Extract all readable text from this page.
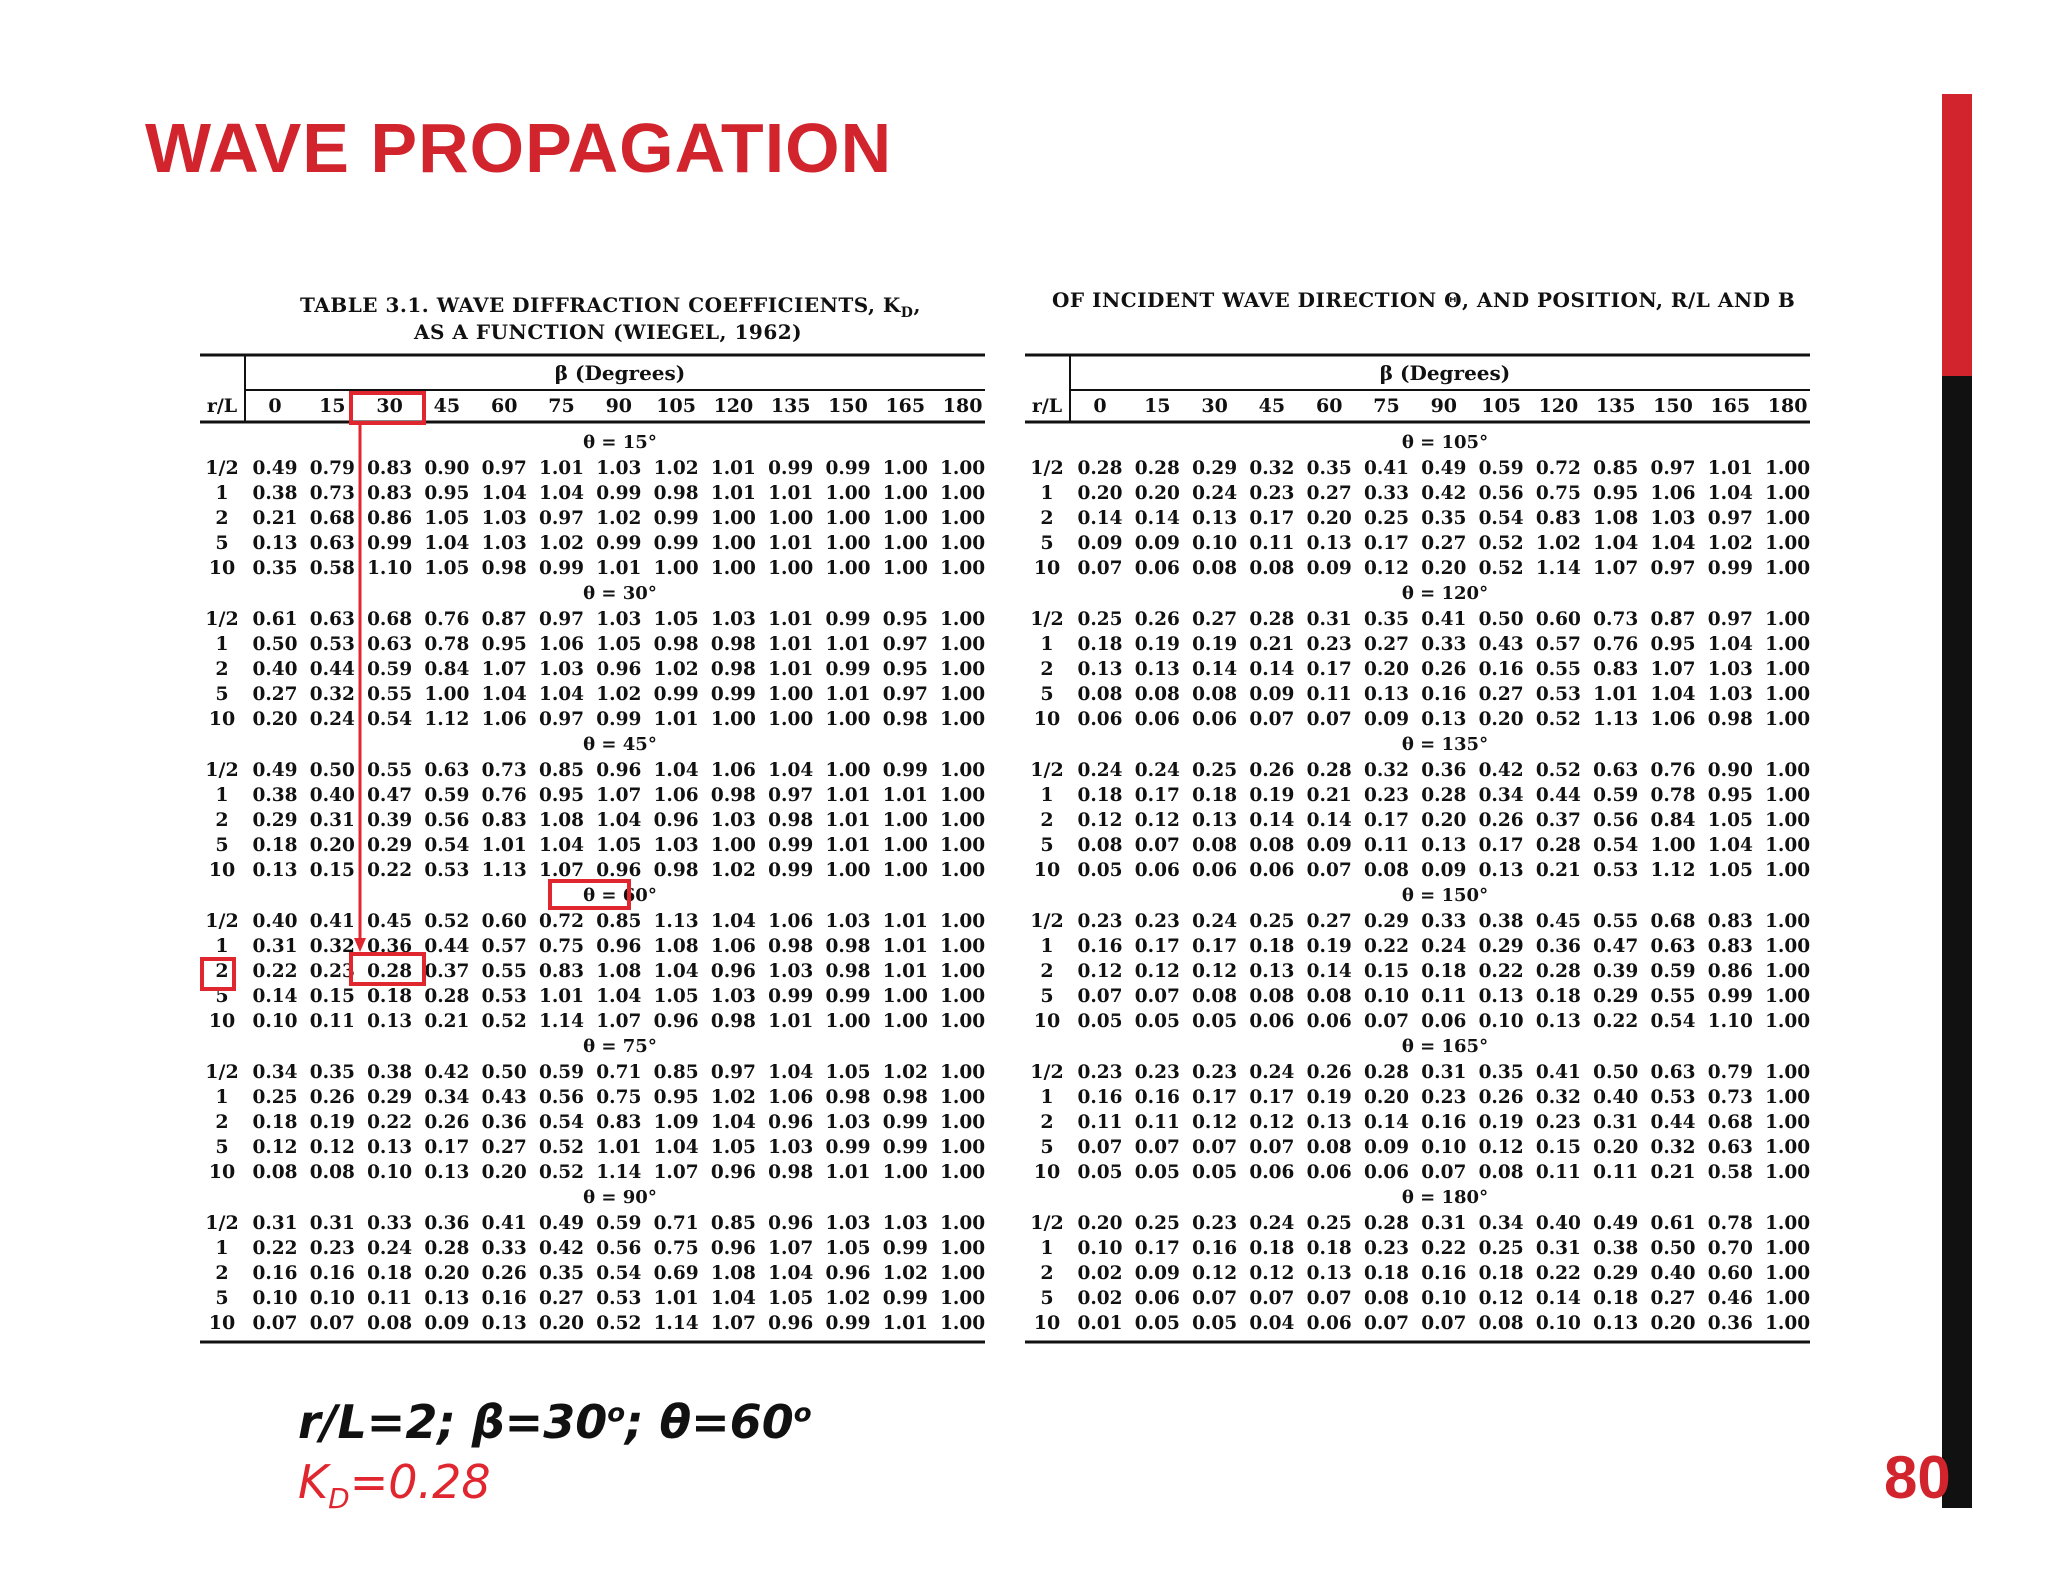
WAVE PROPAGATION
TABLE 3.1. WAVE DIFFRACTION COEFFICIENTS, $K_D$,
AS A FUNCTION (WIEGEL, 1962)
OF INCIDENT WAVE DIRECTION Θ, AND POSITION, R/L AND Β
β (Degrees)
r/L 0 15 30 45 60 75 90 105 120 135 150 165 180
θ = 15°
1/2 0.49 0.79 0.83 0.90 0.97 1.01 1.03 1.02 1.01 0.99 0.99 1.00 1.00
1 0.38 0.73 0.83 0.95 1.04 1.04 0.99 0.98 1.01 1.01 1.00 1.00 1.00
2 0.21 0.68 0.86 1.05 1.03 0.97 1.02 0.99 1.00 1.00 1.00 1.00 1.00
5 0.13 0.63 0.99 1.04 1.03 1.02 0.99 0.99 1.00 1.01 1.00 1.00 1.00
10 0.35 0.58 1.10 1.05 0.98 0.99 1.01 1.00 1.00 1.00 1.00 1.00 1.00
θ = 30°
1/2 0.61 0.63 0.68 0.76 0.87 0.97 1.03 1.05 1.03 1.01 0.99 0.95 1.00
1 0.50 0.53 0.63 0.78 0.95 1.06 1.05 0.98 0.98 1.01 1.01 0.97 1.00
2 0.40 0.44 0.59 0.84 1.07 1.03 0.96 1.02 0.98 1.01 0.99 0.95 1.00
5 0.27 0.32 0.55 1.00 1.04 1.04 1.02 0.99 0.99 1.00 1.01 0.97 1.00
10 0.20 0.24 0.54 1.12 1.06 0.97 0.99 1.01 1.00 1.00 1.00 0.98 1.00
θ = 45°
1/2 0.49 0.50 0.55 0.63 0.73 0.85 0.96 1.04 1.06 1.04 1.00 0.99 1.00
1 0.38 0.40 0.47 0.59 0.76 0.95 1.07 1.06 0.98 0.97 1.01 1.01 1.00
2 0.29 0.31 0.39 0.56 0.83 1.08 1.04 0.96 1.03 0.98 1.01 1.00 1.00
5 0.18 0.20 0.29 0.54 1.01 1.04 1.05 1.03 1.00 0.99 1.01 1.00 1.00
10 0.13 0.15 0.22 0.53 1.13 1.07 0.96 0.98 1.02 0.99 1.00 1.00 1.00
θ = 60°
1/2 0.40 0.41 0.45 0.52 0.60 0.72 0.85 1.13 1.04 1.06 1.03 1.01 1.00
1 0.31 0.32 0.36 0.44 0.57 0.75 0.96 1.08 1.06 0.98 0.98 1.01 1.00
2 0.22 0.23 0.28 0.37 0.55 0.83 1.08 1.04 0.96 1.03 0.98 1.01 1.00
5 0.14 0.15 0.18 0.28 0.53 1.01 1.04 1.05 1.03 0.99 0.99 1.00 1.00
10 0.10 0.11 0.13 0.21 0.52 1.14 1.07 0.96 0.98 1.01 1.00 1.00 1.00
θ = 75°
1/2 0.34 0.35 0.38 0.42 0.50 0.59 0.71 0.85 0.97 1.04 1.05 1.02 1.00
1 0.25 0.26 0.29 0.34 0.43 0.56 0.75 0.95 1.02 1.06 0.98 0.98 1.00
2 0.18 0.19 0.22 0.26 0.36 0.54 0.83 1.09 1.04 0.96 1.03 0.99 1.00
5 0.12 0.12 0.13 0.17 0.27 0.52 1.01 1.04 1.05 1.03 0.99 0.99 1.00
10 0.08 0.08 0.10 0.13 0.20 0.52 1.14 1.07 0.96 0.98 1.01 1.00 1.00
θ = 90°
1/2 0.31 0.31 0.33 0.36 0.41 0.49 0.59 0.71 0.85 0.96 1.03 1.03 1.00
1 0.22 0.23 0.24 0.28 0.33 0.42 0.56 0.75 0.96 1.07 1.05 0.99 1.00
2 0.16 0.16 0.18 0.20 0.26 0.35 0.54 0.69 1.08 1.04 0.96 1.02 1.00
5 0.10 0.10 0.11 0.13 0.16 0.27 0.53 1.01 1.04 1.05 1.02 0.99 1.00
10 0.07 0.07 0.08 0.09 0.13 0.20 0.52 1.14 1.07 0.96 0.99 1.01 1.00
β (Degrees)
r/L 0 15 30 45 60 75 90 105 120 135 150 165 180
θ = 105°
1/2 0.28 0.28 0.29 0.32 0.35 0.41 0.49 0.59 0.72 0.85 0.97 1.01 1.00
1 0.20 0.20 0.24 0.23 0.27 0.33 0.42 0.56 0.75 0.95 1.06 1.04 1.00
2 0.14 0.14 0.13 0.17 0.20 0.25 0.35 0.54 0.83 1.08 1.03 0.97 1.00
5 0.09 0.09 0.10 0.11 0.13 0.17 0.27 0.52 1.02 1.04 1.04 1.02 1.00
10 0.07 0.06 0.08 0.08 0.09 0.12 0.20 0.52 1.14 1.07 0.97 0.99 1.00
θ = 120°
1/2 0.25 0.26 0.27 0.28 0.31 0.35 0.41 0.50 0.60 0.73 0.87 0.97 1.00
1 0.18 0.19 0.19 0.21 0.23 0.27 0.33 0.43 0.57 0.76 0.95 1.04 1.00
2 0.13 0.13 0.14 0.14 0.17 0.20 0.26 0.16 0.55 0.83 1.07 1.03 1.00
5 0.08 0.08 0.08 0.09 0.11 0.13 0.16 0.27 0.53 1.01 1.04 1.03 1.00
10 0.06 0.06 0.06 0.07 0.07 0.09 0.13 0.20 0.52 1.13 1.06 0.98 1.00
θ = 135°
1/2 0.24 0.24 0.25 0.26 0.28 0.32 0.36 0.42 0.52 0.63 0.76 0.90 1.00
1 0.18 0.17 0.18 0.19 0.21 0.23 0.28 0.34 0.44 0.59 0.78 0.95 1.00
2 0.12 0.12 0.13 0.14 0.14 0.17 0.20 0.26 0.37 0.56 0.84 1.05 1.00
5 0.08 0.07 0.08 0.08 0.09 0.11 0.13 0.17 0.28 0.54 1.00 1.04 1.00
10 0.05 0.06 0.06 0.06 0.07 0.08 0.09 0.13 0.21 0.53 1.12 1.05 1.00
θ = 150°
1/2 0.23 0.23 0.24 0.25 0.27 0.29 0.33 0.38 0.45 0.55 0.68 0.83 1.00
1 0.16 0.17 0.17 0.18 0.19 0.22 0.24 0.29 0.36 0.47 0.63 0.83 1.00
2 0.12 0.12 0.12 0.13 0.14 0.15 0.18 0.22 0.28 0.39 0.59 0.86 1.00
5 0.07 0.07 0.08 0.08 0.08 0.10 0.11 0.13 0.18 0.29 0.55 0.99 1.00
10 0.05 0.05 0.05 0.06 0.06 0.07 0.06 0.10 0.13 0.22 0.54 1.10 1.00
θ = 165°
1/2 0.23 0.23 0.23 0.24 0.26 0.28 0.31 0.35 0.41 0.50 0.63 0.79 1.00
1 0.16 0.16 0.17 0.17 0.19 0.20 0.23 0.26 0.32 0.40 0.53 0.73 1.00
2 0.11 0.11 0.12 0.12 0.13 0.14 0.16 0.19 0.23 0.31 0.44 0.68 1.00
5 0.07 0.07 0.07 0.07 0.08 0.09 0.10 0.12 0.15 0.20 0.32 0.63 1.00
10 0.05 0.05 0.05 0.06 0.06 0.06 0.07 0.08 0.11 0.11 0.21 0.58 1.00
θ = 180°
1/2 0.20 0.25 0.23 0.24 0.25 0.28 0.31 0.34 0.40 0.49 0.61 0.78 1.00
1 0.10 0.17 0.16 0.18 0.18 0.23 0.22 0.25 0.31 0.38 0.50 0.70 1.00
2 0.02 0.09 0.12 0.12 0.13 0.18 0.16 0.18 0.22 0.29 0.40 0.60 1.00
5 0.02 0.06 0.07 0.07 0.07 0.08 0.10 0.12 0.14 0.18 0.27 0.46 1.00
10 0.01 0.05 0.05 0.04 0.06 0.07 0.07 0.08 0.10 0.13 0.20 0.36 1.00
r/L=2; $\beta=30^o$; $\theta=60^o$
$K_D=0.28$	80
